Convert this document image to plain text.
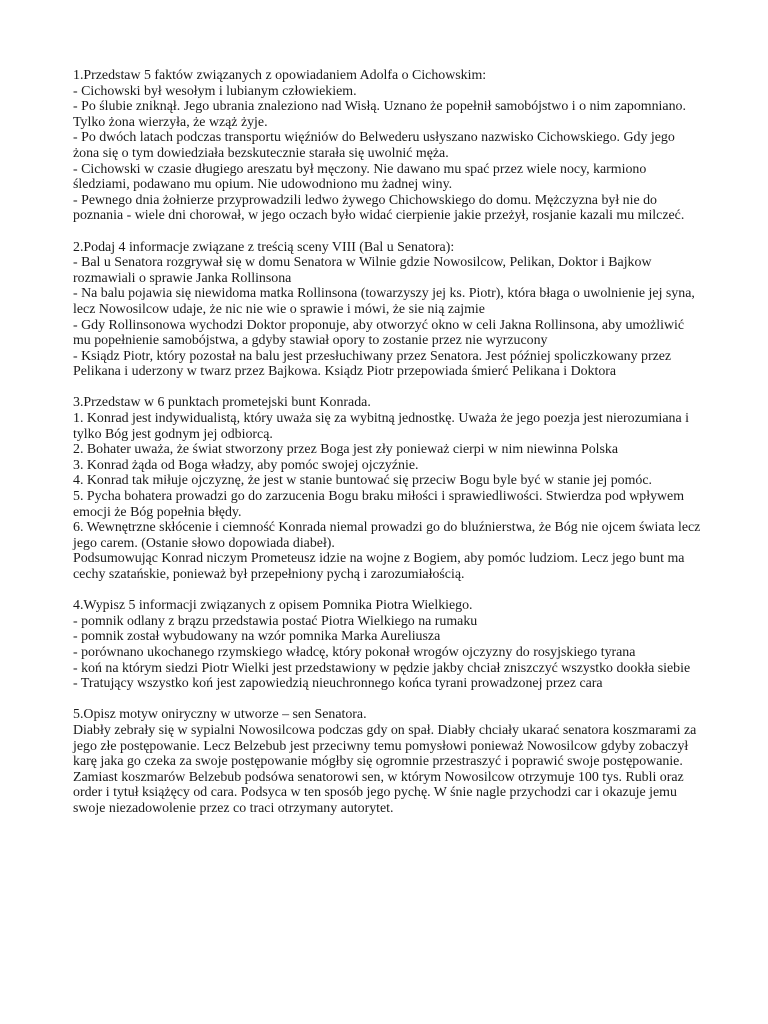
1.Przedstaw 5 faktów związanych z opowiadaniem Adolfa o Cichowskim:

- Cichowski był wesołym i lubianym człowiekiem.

- Po ślubie zniknął. Jego ubrania znaleziono nad Wisłą. Uznano że popełnił samobójstwo i o nim zapomniano. Tylko żona wierzyła, że wząż żyje.

- Po dwóch latach podczas transportu więźniów do Belwederu usłyszano nazwisko Cichowskiego. Gdy jego żona się o tym dowiedziała bezskutecznie starała się uwolnić męża.

- Cichowski w czasie długiego areszatu był męczony. Nie dawano mu spać przez wiele nocy, karmiono śledziami, podawano mu opium. Nie udowodniono mu żadnej winy.

- Pewnego dnia żołnierze przyprowadzili ledwo żywego Chichowskiego do domu. Mężczyzna był nie do poznania - wiele dni chorował, w jego oczach było widać cierpienie jakie przeżył, rosjanie kazali mu milczeć.

2.Podaj 4 informacje związane z treścią sceny VIII (Bal u Senatora):

- Bal u Senatora rozgrywał się w domu Senatora w Wilnie gdzie Nowosilcow, Pelikan, Doktor i Bajkow rozmawiali o sprawie Janka Rollinsona

- Na balu pojawia się niewidoma matka Rollinsona (towarzyszy jej ks. Piotr), która błaga o uwolnienie jej syna, lecz Nowosilcow udaje, że nic nie wie o sprawie i mówi, że sie nią zajmie

- Gdy Rollinsonowa wychodzi Doktor proponuje, aby otworzyć okno w celi Jakna Rollinsona, aby umożliwić mu popełnienie samobójstwa, a gdyby stawiał opory to zostanie przez nie wyrzucony

- Ksiądz Piotr, który pozostał na balu jest przesłuchiwany przez Senatora. Jest później spoliczkowany przez Pelikana i uderzony w twarz przez Bajkowa. Ksiądz Piotr przepowiada śmierć Pelikana i Doktora

3.Przedstaw w 6 punktach prometejski bunt Konrada.

1. Konrad jest indywidualistą, który uważa się za wybitną jednostkę. Uważa że jego poezja jest nierozumiana i tylko Bóg jest godnym jej odbiorcą.

2. Bohater uważa, że świat stworzony przez Boga jest zły ponieważ cierpi w nim niewinna Polska

3. Konrad żąda od Boga władzy, aby pomóc swojej ojczyźnie.

4. Konrad tak miłuje ojczyznę, że jest w stanie buntować się przeciw Bogu byle być w stanie jej pomóc.

5. Pycha bohatera prowadzi go do zarzucenia Bogu braku miłości i sprawiedliwości. Stwierdza pod wpływem emocji że Bóg popełnia błędy.

6. Wewnętrzne skłócenie i ciemność Konrada niemal prowadzi go do bluźnierstwa, że Bóg nie ojcem świata lecz jego carem. (Ostanie słowo dopowiada diabeł).

Podsumowując Konrad niczym Prometeusz idzie na wojne z Bogiem, aby pomóc ludziom. Lecz jego bunt ma cechy szatańskie, ponieważ był przepełniony pychą i zarozumiałością.

4.Wypisz 5 informacji związanych z opisem Pomnika Piotra Wielkiego.

- pomnik odlany z brązu przedstawia postać Piotra Wielkiego na rumaku

- pomnik został wybudowany na wzór pomnika Marka Aureliusza

- porównano ukochanego rzymskiego władcę, który pokonał wrogów ojczyzny do rosyjskiego tyrana

- koń na którym siedzi Piotr Wielki jest przedstawiony w pędzie jakby chciał zniszczyć wszystko dookła siebie

- Tratujący wszystko koń jest zapowiedzią nieuchronnego końca tyrani prowadzonej przez cara

5.Opisz motyw oniryczny w utworze – sen Senatora.

Diabły zebrały się w sypialni Nowosilcowa podczas gdy on spał. Diabły chciały ukarać senatora koszmarami za jego złe postępowanie. Lecz Belzebub jest przeciwny temu pomysłowi ponieważ Nowosilcow gdyby zobaczył karę jaka go czeka za swoje postępowanie mógłby się ogromnie przestraszyć i poprawić swoje postępowanie. Zamiast koszmarów Belzebub podsówa senatorowi sen, w którym Nowosilcow otrzymuje 100 tys. Rubli oraz order i tytuł książęcy od cara. Podsyca w ten sposób jego pychę. W śnie nagle przychodzi car i okazuje jemu swoje niezadowolenie przez co traci otrzymany autorytet.
